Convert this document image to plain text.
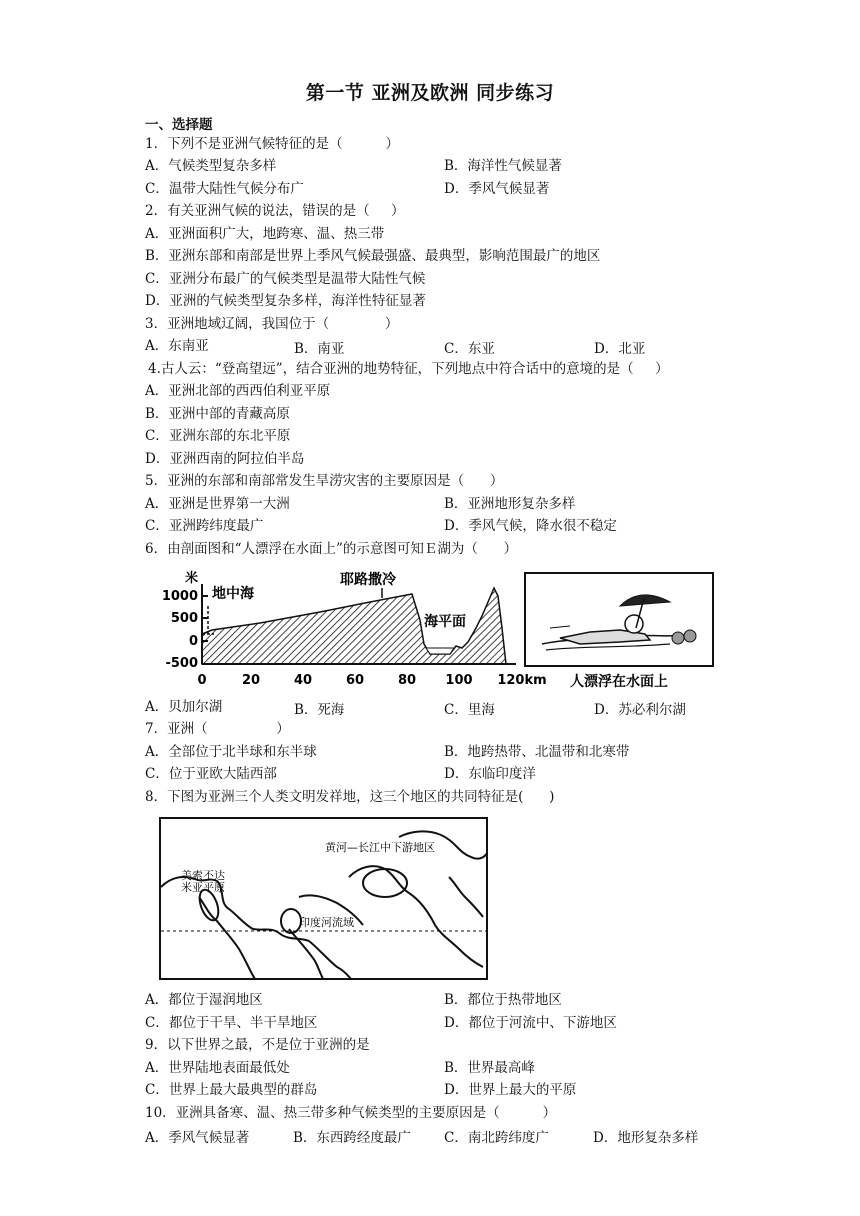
第一节 亚洲及欧洲 同步练习
一、选择题
1．下列不是亚洲气候特征的是（          ）
A．气候类型复杂多样	B．海洋性气候显著
C．温带大陆性气候分布广	D．季风气候显著
2．有关亚洲气候的说法，错误的是（     ）
A．亚洲面积广大，地跨寒、温、热三带
B．亚洲东部和南部是世界上季风气候最强盛、最典型，影响范围最广的地区
C．亚洲分布最广的气候类型是温带大陆性气候
D．亚洲的气候类型复杂多样，海洋性特征显著
3．亚洲地域辽阔，我国位于（             ）
A．东南亚	B．南亚	C．东亚	D．北亚
4.古人云：“登高望远”，结合亚洲的地势特征，下列地点中符合话中的意境的是（     ）
A．亚洲北部的西西伯利亚平原
B．亚洲中部的青藏高原
C．亚洲东部的东北平原
D．亚洲西南的阿拉伯半岛
5．亚洲的东部和南部常发生旱涝灾害的主要原因是（      ）
A．亚洲是世界第一大洲	B．亚洲地形复杂多样
C．亚洲跨纬度最广	D．季风气候，降水很不稳定
6．由剖面图和“人漂浮在水面上”的示意图可知Ｅ湖为（      ）
米
1000
500
0
-500
地中海
耶路撒冷
海平面
0	20	40	60	80 100 120km 人漂浮在水面上
A．贝加尔湖	B．死海	C．里海	D．苏必利尔湖
7．亚洲（                ）
A．全部位于北半球和东半球	B．地跨热带、北温带和北寒带
C．位于亚欧大陆西部	D．东临印度洋
8．下图为亚洲三个人类文明发祥地，这三个地区的共同特征是(      )
黄河—长江中下游地区
美索不达
米亚平原
印度河流域
A．都位于湿润地区	B．都位于热带地区
C．都位于干旱、半干旱地区	D．都位于河流中、下游地区
9．以下世界之最，不是位于亚洲的是
A．世界陆地表面最低处	B．世界最高峰
C．世界上最大最典型的群岛	D．世界上最大的平原
10．亚洲具备寒、温、热三带多种气候类型的主要原因是（          ）
A．季风气候显著	B．东西跨经度最广 C．南北跨纬度广	D．地形复杂多样
